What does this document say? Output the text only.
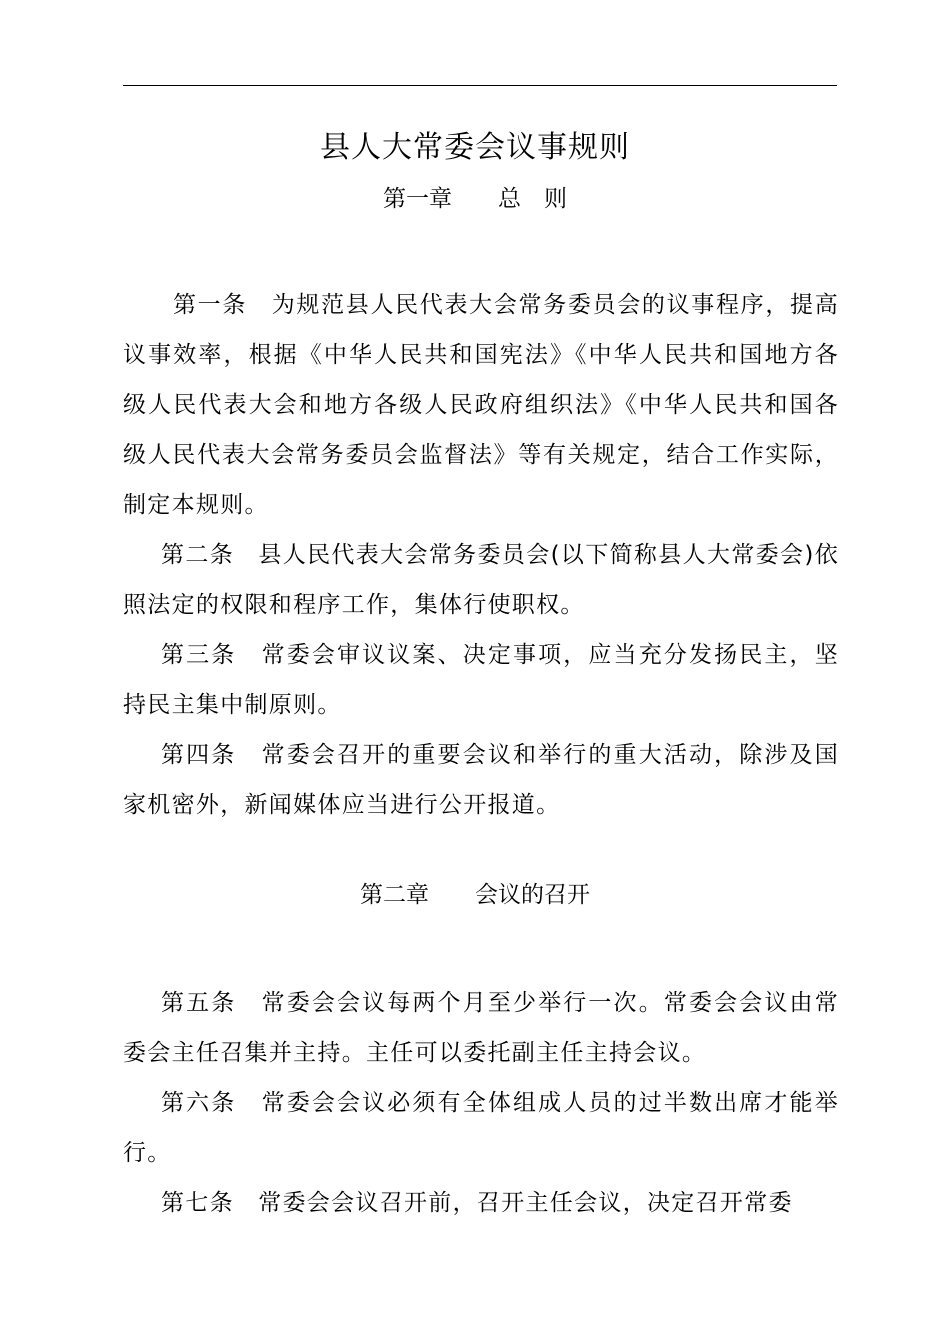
县人大常委会议事规则
第一章　　总　则

第一条　为规范县人民代表大会常务委员会的议事程序，提高议事效率，根据《中华人民共和国宪法》《中华人民共和国地方各级人民代表大会和地方各级人民政府组织法》《中华人民共和国各级人民代表大会常务委员会监督法》等有关规定，结合工作实际，制定本规则。

第二条　县人民代表大会常务委员会(以下简称县人大常委会)依照法定的权限和程序工作，集体行使职权。

第三条　常委会审议议案、决定事项，应当充分发扬民主，坚持民主集中制原则。

第四条　常委会召开的重要会议和举行的重大活动，除涉及国家机密外，新闻媒体应当进行公开报道。

第二章　　会议的召开

第五条　常委会会议每两个月至少举行一次。常委会会议由常委会主任召集并主持。主任可以委托副主任主持会议。

第六条　常委会会议必须有全体组成人员的过半数出席才能举行。

第七条　常委会会议召开前，召开主任会议，决定召开常委
